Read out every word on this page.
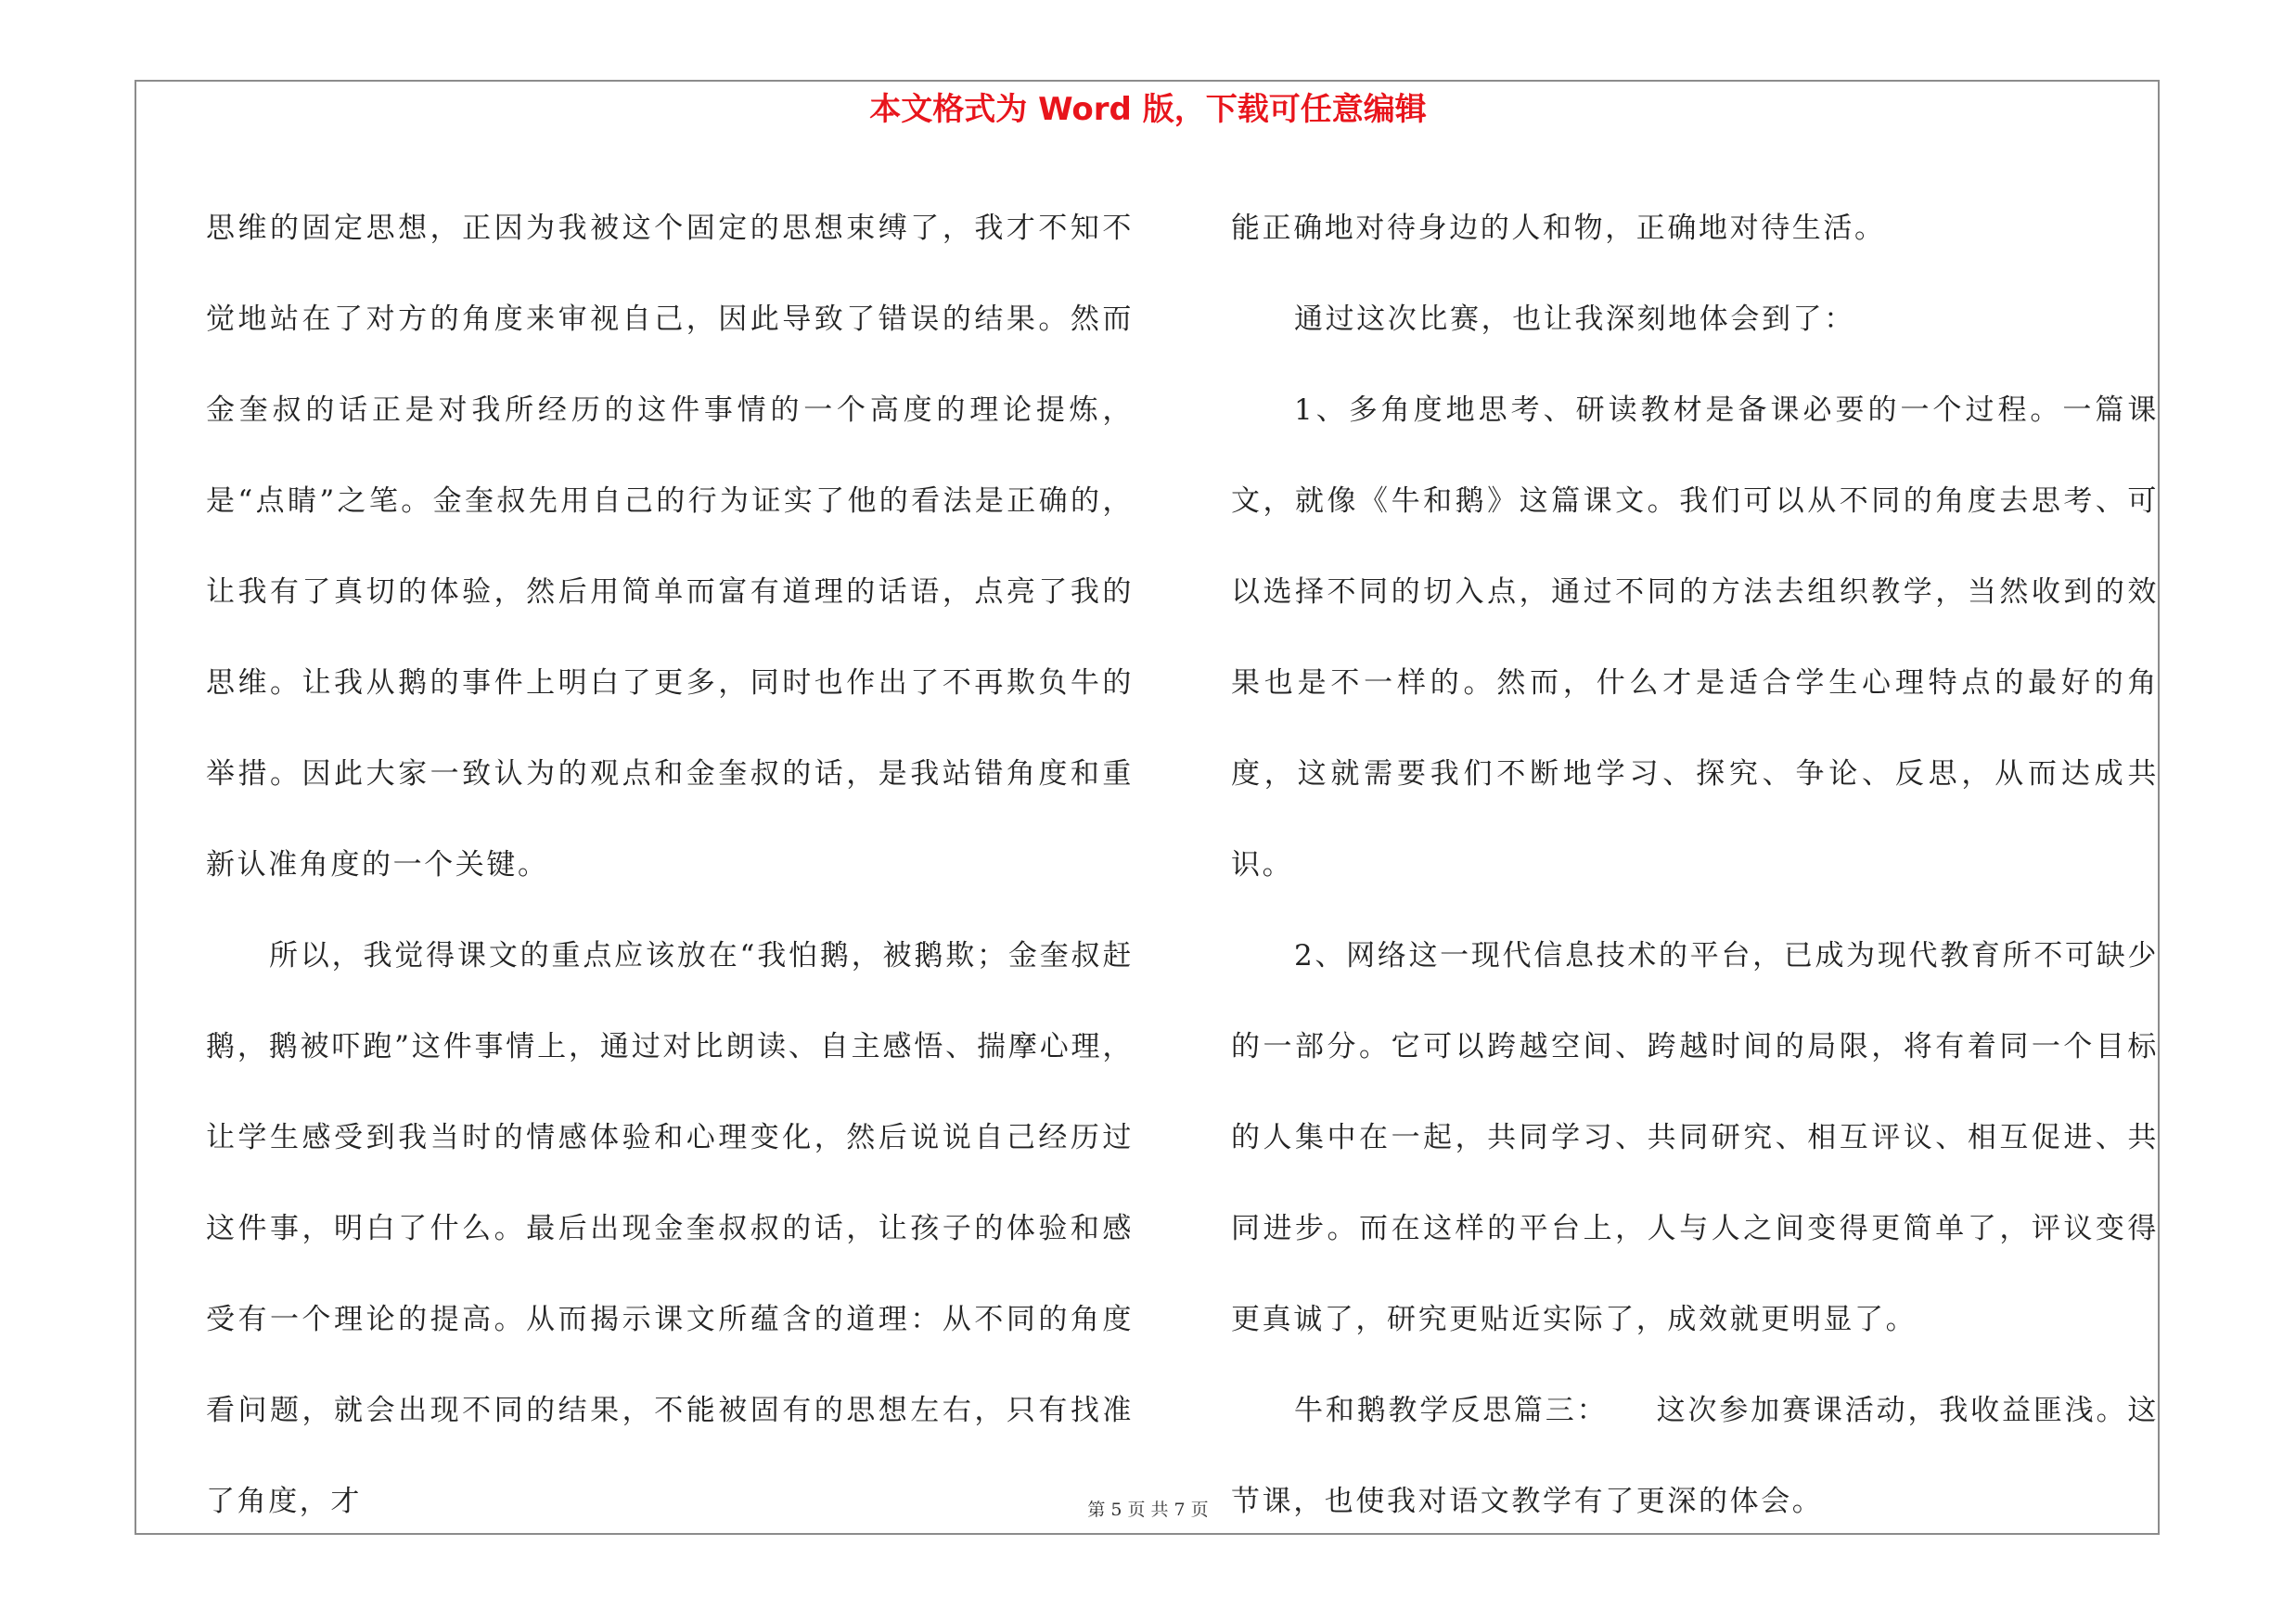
本文格式为 Word 版，下载可任意编辑

思维的固定思想，正因为我被这个固定的思想束缚了，我才不知不觉地站在了对方的角度来审视自己，因此导致了错误的结果。然而金奎叔的话正是对我所经历的这件事情的一个高度的理论提炼，是“点睛”之笔。金奎叔先用自己的行为证实了他的看法是正确的，让我有了真切的体验，然后用简单而富有道理的话语，点亮了我的思维。让我从鹅的事件上明白了更多，同时也作出了不再欺负牛的举措。因此大家一致认为的观点和金奎叔的话，是我站错角度和重新认准角度的一个关键。

所以，我觉得课文的重点应该放在“我怕鹅，被鹅欺；金奎叔赶鹅，鹅被吓跑”这件事情上，通过对比朗读、自主感悟、揣摩心理，让学生感受到我当时的情感体验和心理变化，然后说说自己经历过这件事，明白了什么。最后出现金奎叔叔的话，让孩子的体验和感受有一个理论的提高。从而揭示课文所蕴含的道理：从不同的角度看问题，就会出现不同的结果，不能被固有的思想左右，只有找准了角度，才

能正确地对待身边的人和物，正确地对待生活。

通过这次比赛，也让我深刻地体会到了：

1、多角度地思考、研读教材是备课必要的一个过程。一篇课文，就像《牛和鹅》这篇课文。我们可以从不同的角度去思考、可以选择不同的切入点，通过不同的方法去组织教学，当然收到的效果也是不一样的。然而，什么才是适合学生心理特点的最好的角度，这就需要我们不断地学习、探究、争论、反思，从而达成共识。

2、网络这一现代信息技术的平台，已成为现代教育所不可缺少的一部分。它可以跨越空间、跨越时间的局限，将有着同一个目标的人集中在一起，共同学习、共同研究、相互评议、相互促进、共同进步。而在这样的平台上，人与人之间变得更简单了，评议变得更真诚了，研究更贴近实际了，成效就更明显了。

牛和鹅教学反思篇三：　　这次参加赛课活动，我收益匪浅。这节课，也使我对语文教学有了更深的体会。

第 5 页 共 7 页
